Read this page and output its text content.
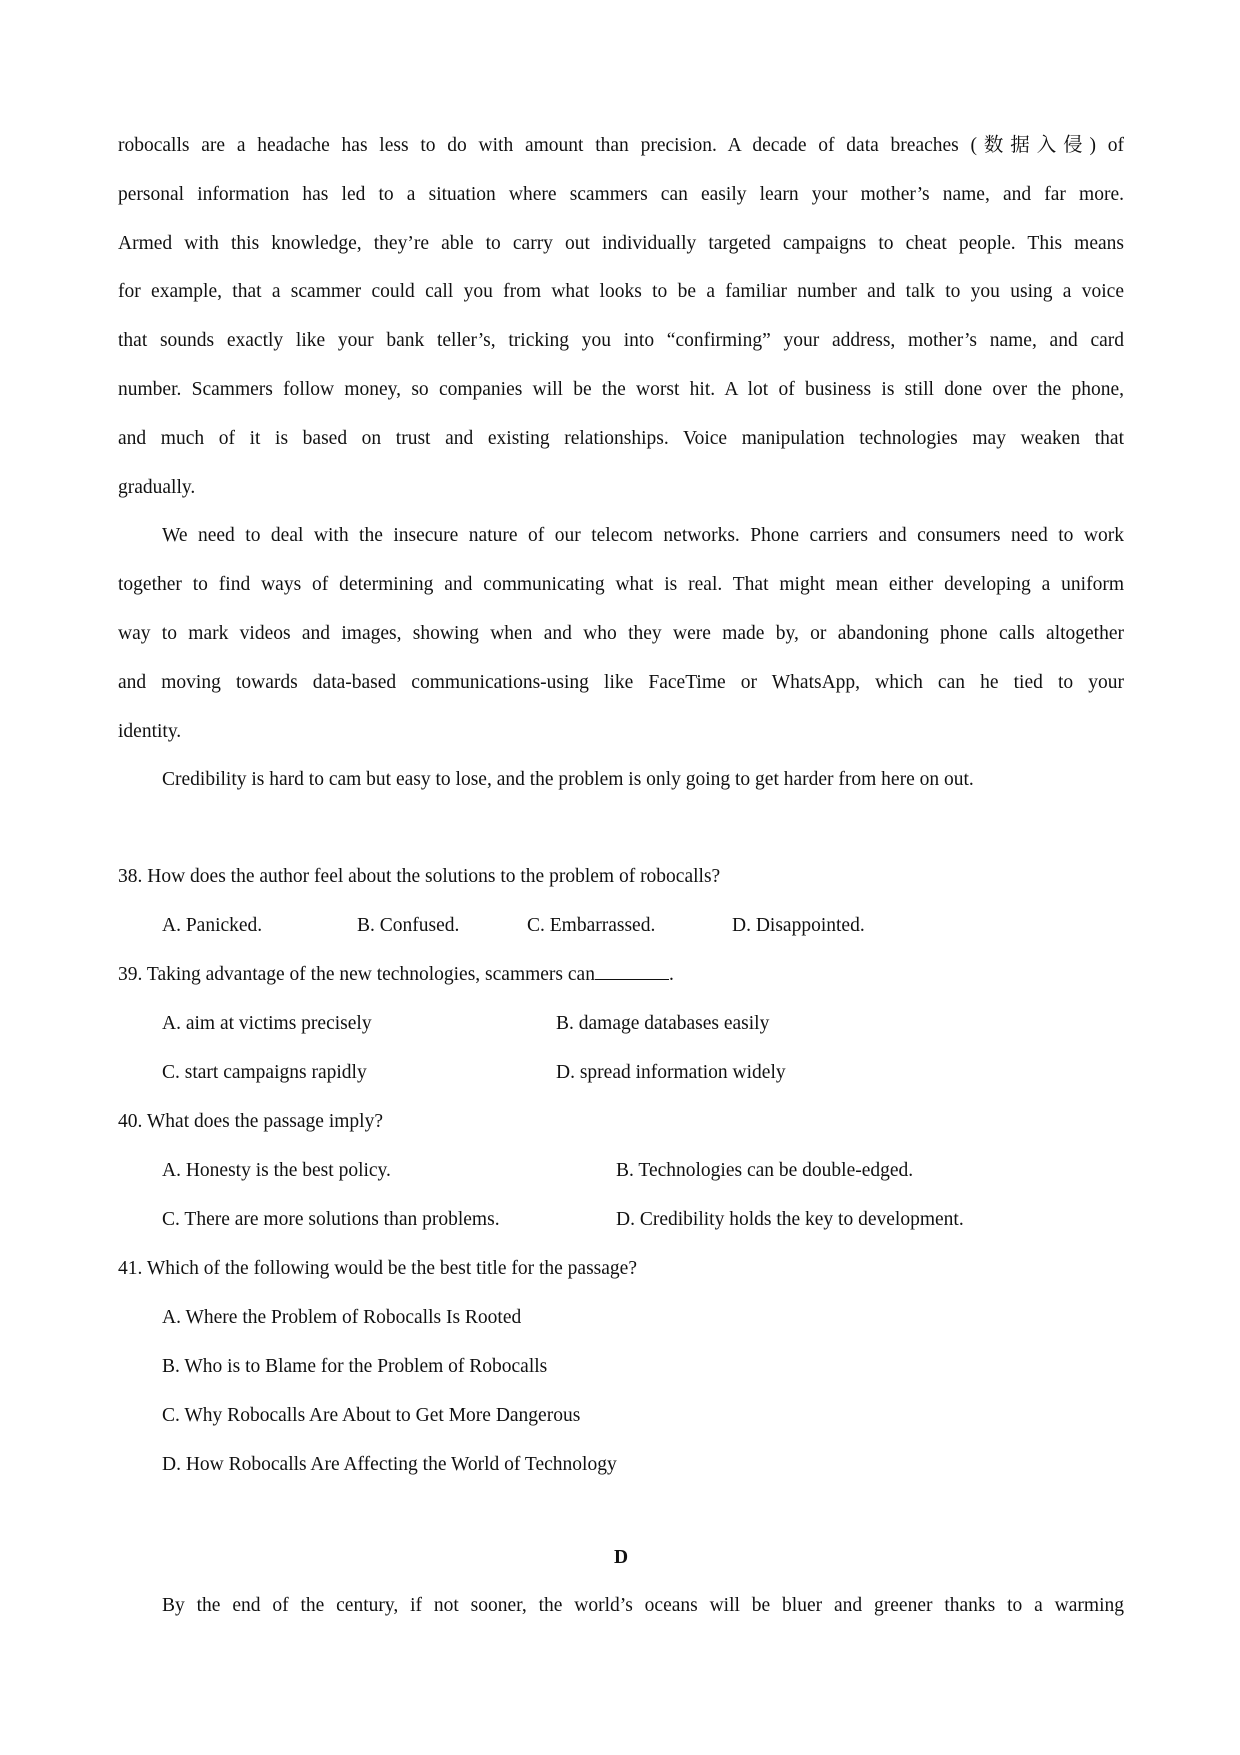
robocalls are a headache has less to do with amount than precision. A decade of data breaches (数据入侵) of

personal information has led to a situation where scammers can easily learn your mother’s name, and far more.

Armed with this knowledge, they’re able to carry out individually targeted campaigns to cheat people. This means

for example, that a scammer could call you from what looks to be a familiar number and talk to you using a voice

that sounds exactly like your bank teller’s, tricking you into “confirming” your address, mother’s name, and card

number. Scammers follow money, so companies will be the worst hit. A lot of business is still done over the phone,

and much of it is based on trust and existing relationships. Voice manipulation technologies may weaken that

gradually.

We need to deal with the insecure nature of our telecom networks. Phone carriers and consumers need to work

together to find ways of determining and communicating what is real. That might mean either developing a uniform

way to mark videos and images, showing when and who they were made by, or abandoning phone calls altogether

and moving towards data-based communications-using like FaceTime or WhatsApp, which can he tied to your

identity.

Credibility is hard to cam but easy to lose, and the problem is only going to get harder from here on out.

38. How does the author feel about the solutions to the problem of robocalls?

A. Panicked.	B. Confused.	C. Embarrassed.	D. Disappointed.

39. Taking advantage of the new technologies, scammers can	.

A. aim at victims precisely	B. damage databases easily
C. start campaigns rapidly	D. spread information widely

40. What does the passage imply?

A. Honesty is the best policy.	B. Technologies can be double-edged.
C. There are more solutions than problems.	D. Credibility holds the key to development.

41. Which of the following would be the best title for the passage?

A. Where the Problem of Robocalls Is Rooted

B. Who is to Blame for the Problem of Robocalls

C. Why Robocalls Are About to Get More Dangerous

D. How Robocalls Are Affecting the World of Technology

D

By the end of the century, if not sooner, the world’s oceans will be bluer and greener thanks to a warming
